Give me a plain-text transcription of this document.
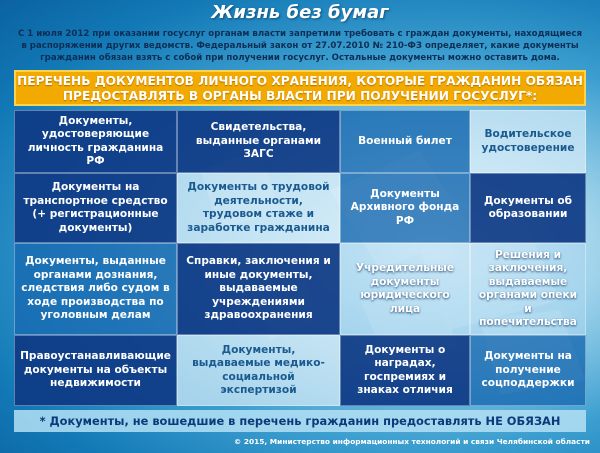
Жизнь без бумаг
С 1 июля 2012 при оказании госуслуг органам власти запретили требовать с граждан документы, находящиеся в распоряжении других ведомств. Федеральный закон от 27.07.2010 № 210-ФЗ определяет, какие документы гражданин обязан взять с собой при получении госуслуг. Остальные документы можно оставить дома.
ПЕРЕЧЕНЬ ДОКУМЕНТОВ ЛИЧНОГО ХРАНЕНИЯ, КОТОРЫЕ ГРАЖДАНИН ОБЯЗАН
ПРЕДОСТАВЛЯТЬ В ОРГАНЫ ВЛАСТИ ПРИ ПОЛУЧЕНИИ ГОСУСЛУГ*:
Документы, удостоверяющие личность гражданина РФ
Свидетельства, выданные органами ЗАГС
Военный билет
Водительское удостоверение
Документы на транспортное средство (+ регистрационные документы)
Документы о трудовой деятельности, трудовом стаже и заработке гражданина
Документы Архивного фонда РФ
Документы об образовании
Документы, выданные органами дознания, следствия либо судом в ходе производства по уголовным делам
Справки, заключения и иные документы, выдаваемые учреждениями здравоохранения
Учредительные документы юридического лица
Решения и заключения, выдаваемые органами опеки и попечительства
Правоустанавливающие документы на объекты недвижимости
Документы, выдаваемые медико-социальной экспертизой
Документы о наградах, госпремиях и знаках отличия
Документы на получение соцподдержки
* Документы, не вошедшие в перечень гражданин предоставлять НЕ ОБЯЗАН
© 2015, Министерство информационных технологий и связи Челябинской области
